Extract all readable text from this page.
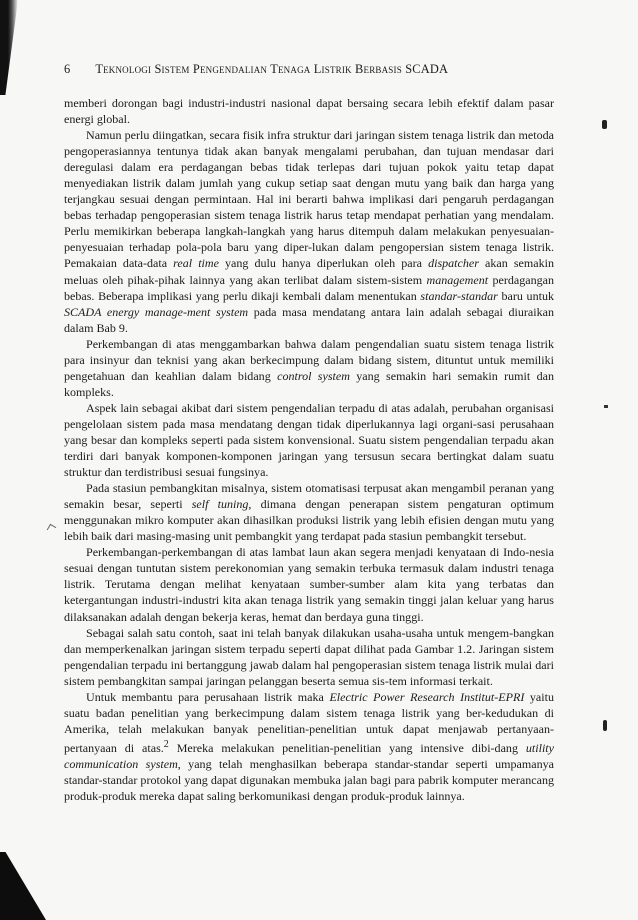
6 Teknologi Sistem Pengendalian Tenaga Listrik Berbasis SCADA

memberi dorongan bagi industri-industri nasional dapat bersaing secara lebih efektif dalam pasar energi global.

Namun perlu diingatkan, secara fisik infra struktur dari jaringan sistem tenaga listrik dan metoda pengoperasiannya tentunya tidak akan banyak mengalami perubahan, dan tujuan mendasar dari deregulasi dalam era perdagangan bebas tidak terlepas dari tujuan pokok yaitu tetap dapat menyediakan listrik dalam jumlah yang cukup setiap saat dengan mutu yang baik dan harga yang terjangkau sesuai dengan permintaan. Hal ini berarti bahwa implikasi dari pengaruh perdagangan bebas terhadap pengoperasian sistem tenaga listrik harus tetap mendapat perhatian yang mendalam. Perlu memikirkan beberapa langkah-langkah yang harus ditempuh dalam melakukan penyesuaian-penyesuaian terhadap pola-pola baru yang diper-lukan dalam pengopersian sistem tenaga listrik. Pemakaian data-data real time yang dulu hanya diperlukan oleh para dispatcher akan semakin meluas oleh pihak-pihak lainnya yang akan terlibat dalam sistem-sistem management perdagangan bebas. Beberapa implikasi yang perlu dikaji kembali dalam menentukan standar-standar baru untuk SCADA energy manage-ment system pada masa mendatang antara lain adalah sebagai diuraikan dalam Bab 9.

Perkembangan di atas menggambarkan bahwa dalam pengendalian suatu sistem tenaga listrik para insinyur dan teknisi yang akan berkecimpung dalam bidang sistem, dituntut untuk memiliki pengetahuan dan keahlian dalam bidang control system yang semakin hari semakin rumit dan kompleks.

Aspek lain sebagai akibat dari sistem pengendalian terpadu di atas adalah, perubahan organisasi pengelolaan sistem pada masa mendatang dengan tidak diperlukannya lagi organi-sasi perusahaan yang besar dan kompleks seperti pada sistem konvensional. Suatu sistem pengendalian terpadu akan terdiri dari banyak komponen-komponen jaringan yang tersusun secara bertingkat dalam suatu struktur dan terdistribusi sesuai fungsinya.

Pada stasiun pembangkitan misalnya, sistem otomatisasi terpusat akan mengambil peranan yang semakin besar, seperti self tuning, dimana dengan penerapan sistem pengaturan optimum menggunakan mikro komputer akan dihasilkan produksi listrik yang lebih efisien dengan mutu yang lebih baik dari masing-masing unit pembangkit yang terdapat pada stasiun pembangkit tersebut.

Perkembangan-perkembangan di atas lambat laun akan segera menjadi kenyataan di Indo-nesia sesuai dengan tuntutan sistem perekonomian yang semakin terbuka termasuk dalam industri tenaga listrik. Terutama dengan melihat kenyataan sumber-sumber alam kita yang terbatas dan ketergantungan industri-industri kita akan tenaga listrik yang semakin tinggi jalan keluar yang harus dilaksanakan adalah dengan bekerja keras, hemat dan berdaya guna tinggi.

Sebagai salah satu contoh, saat ini telah banyak dilakukan usaha-usaha untuk mengem-bangkan dan memperkenalkan jaringan sistem terpadu seperti dapat dilihat pada Gambar 1.2. Jaringan sistem pengendalian terpadu ini bertanggung jawab dalam hal pengoperasian sistem tenaga listrik mulai dari sistem pembangkitan sampai jaringan pelanggan beserta semua sis-tem informasi terkait.

Untuk membantu para perusahaan listrik maka Electric Power Research Institut-EPRI yaitu suatu badan penelitian yang berkecimpung dalam sistem tenaga listrik yang ber-kedudukan di Amerika, telah melakukan banyak penelitian-penelitian untuk dapat menjawab pertanyaan-pertanyaan di atas.$^2$ Mereka melakukan penelitian-penelitian yang intensive dibi-dang utility communication system, yang telah menghasilkan beberapa standar-standar seperti umpamanya standar-standar protokol yang dapat digunakan membuka jalan bagi para pabrik komputer merancang produk-produk mereka dapat saling berkomunikasi dengan produk-produk lainnya.
